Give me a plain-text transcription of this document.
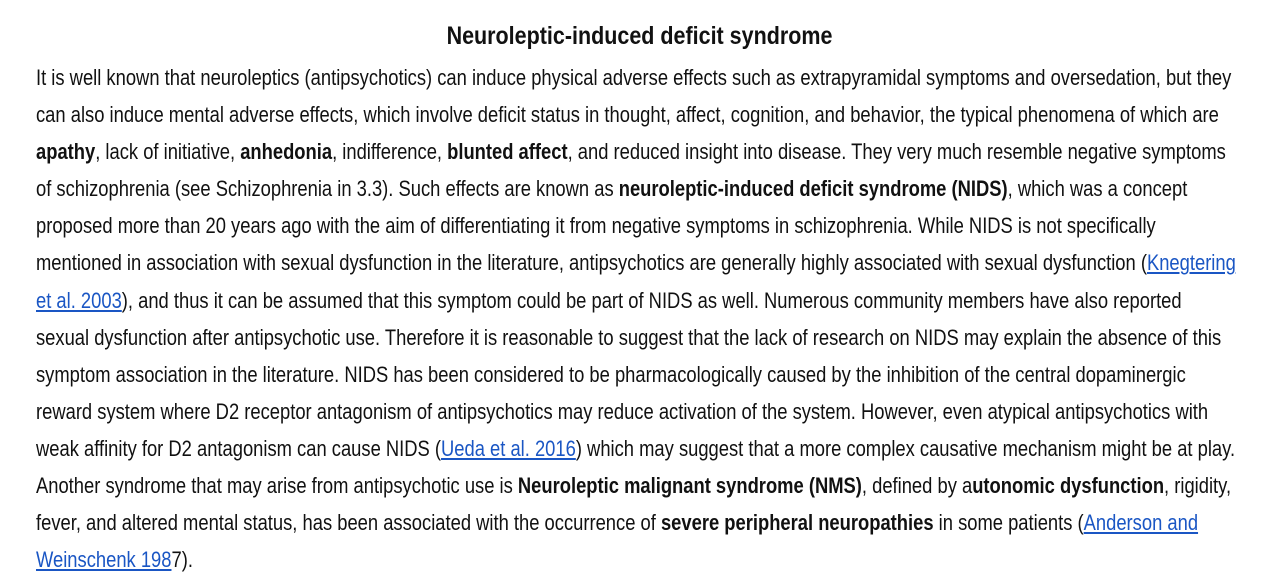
Neuroleptic-induced deficit syndrome

It is well known that neuroleptics (antipsychotics) can induce physical adverse effects such as extrapyramidal symptoms and oversedation, but they can also induce mental adverse effects, which involve deficit status in thought, affect, cognition, and behavior, the typical phenomena of which are apathy, lack of initiative, anhedonia, indifference, blunted affect, and reduced insight into disease. They very much resemble negative symptoms of schizophrenia (see Schizophrenia in 3.3). Such effects are known as neuroleptic-induced deficit syndrome (NIDS), which was a concept proposed more than 20 years ago with the aim of differentiating it from negative symptoms in schizophrenia. While NIDS is not specifically mentioned in association with sexual dysfunction in the literature, antipsychotics are generally highly associated with sexual dysfunction (Knegtering et al. 2003), and thus it can be assumed that this symptom could be part of NIDS as well. Numerous community members have also reported sexual dysfunction after antipsychotic use. Therefore it is reasonable to suggest that the lack of research on NIDS may explain the absence of this symptom association in the literature. NIDS has been considered to be pharmacologically caused by the inhibition of the central dopaminergic reward system where D2 receptor antagonism of antipsychotics may reduce activation of the system. However, even atypical antipsychotics with weak affinity for D2 antagonism can cause NIDS (Ueda et al. 2016) which may suggest that a more complex causative mechanism might be at play. Another syndrome that may arise from antipsychotic use is Neuroleptic malignant syndrome (NMS), defined by autonomic dysfunction, rigidity, fever, and altered mental status, has been associated with the occurrence of severe peripheral neuropathies in some patients (Anderson and Weinschenk 1987).
